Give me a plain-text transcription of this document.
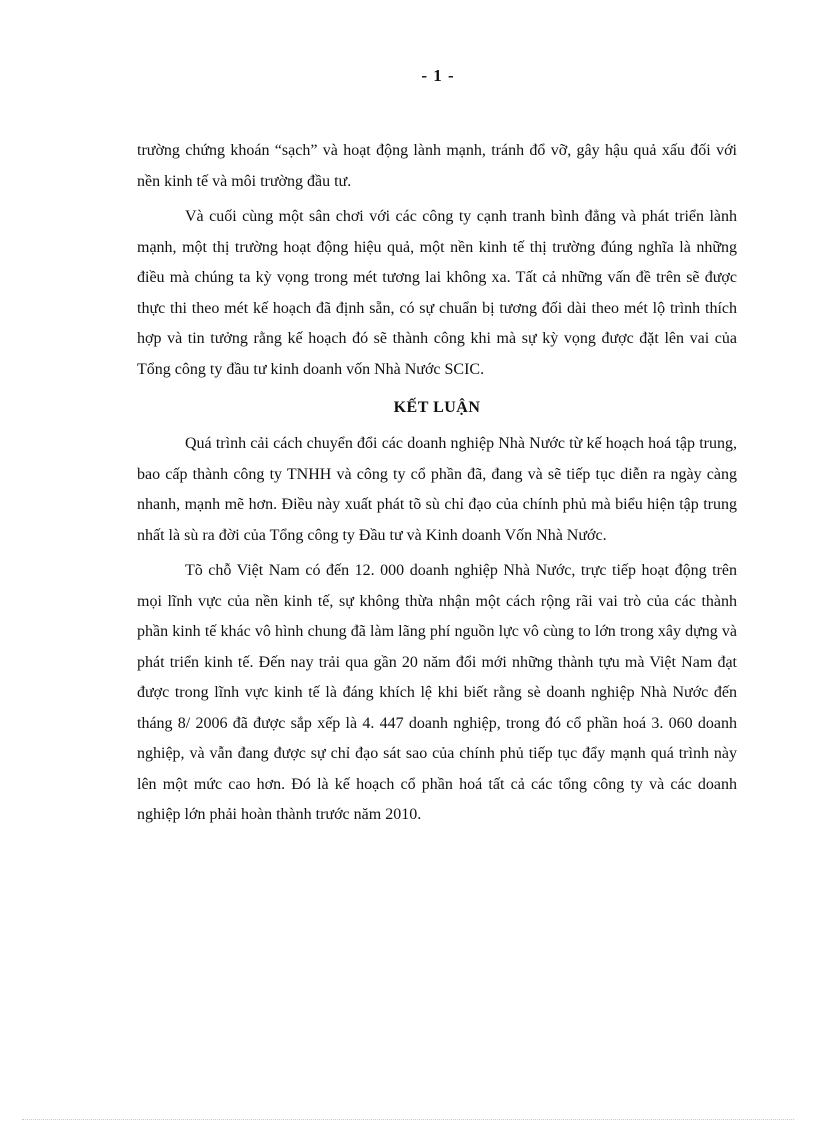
- 1 -

trường chứng khoán “sạch” và hoạt động lành mạnh, tránh đổ vỡ, gây hậu quả xấu đối với nền kinh tế và môi trường đầu tư.

Và cuối cùng một sân chơi với các công ty cạnh tranh bình đẳng và phát triển lành mạnh, một thị trường hoạt động hiệu quả, một nền kinh tế thị trường đúng nghĩa là những điều mà chúng ta kỳ vọng trong mét tương lai không xa. Tất cả những vấn đề trên sẽ được thực thi theo mét kế hoạch đã định sẵn, có sự chuẩn bị tương đối dài theo mét lộ trình thích hợp và tin tưởng rằng kế hoạch đó sẽ thành công khi mà sự kỳ vọng được đặt lên vai của Tổng công ty đầu tư kinh doanh vốn Nhà Nước SCIC.

KẾT LUẬN

Quá trình cải cách chuyển đổi các doanh nghiệp Nhà Nước từ kế hoạch hoá tập trung, bao cấp thành công ty TNHH và công ty cổ phần đã, đang và sẽ tiếp tục diễn ra ngày càng nhanh, mạnh mẽ hơn. Điều này xuất phát tõ sù chỉ đạo của chính phủ mà biểu hiện tập trung nhất là sù ra đời của Tổng công ty Đầu tư và Kinh doanh Vốn Nhà Nước.

Tõ chỗ Việt Nam có đến 12. 000 doanh nghiệp Nhà Nước, trực tiếp hoạt động trên mọi lĩnh vực của nền kinh tế, sự không thừa nhận một cách rộng rãi vai trò của các thành phần kinh tế khác vô hình chung đã làm lãng phí nguồn lực vô cùng to lớn trong xây dựng và phát triển kinh tế. Đến nay trải qua gần 20 năm đổi mới những thành tựu mà Việt Nam đạt được trong lĩnh vực kinh tế là đáng khích lệ khi biết rằng sè doanh nghiệp Nhà Nước đến tháng 8/ 2006 đã được sắp xếp là 4. 447 doanh nghiệp, trong đó cổ phần hoá 3. 060 doanh nghiệp, và vẫn đang được sự chỉ đạo sát sao của chính phủ tiếp tục đẩy mạnh quá trình này lên một mức cao hơn. Đó là kế hoạch cổ phần hoá tất cả các tổng công ty và các doanh nghiệp lớn phải hoàn thành trước năm 2010.
